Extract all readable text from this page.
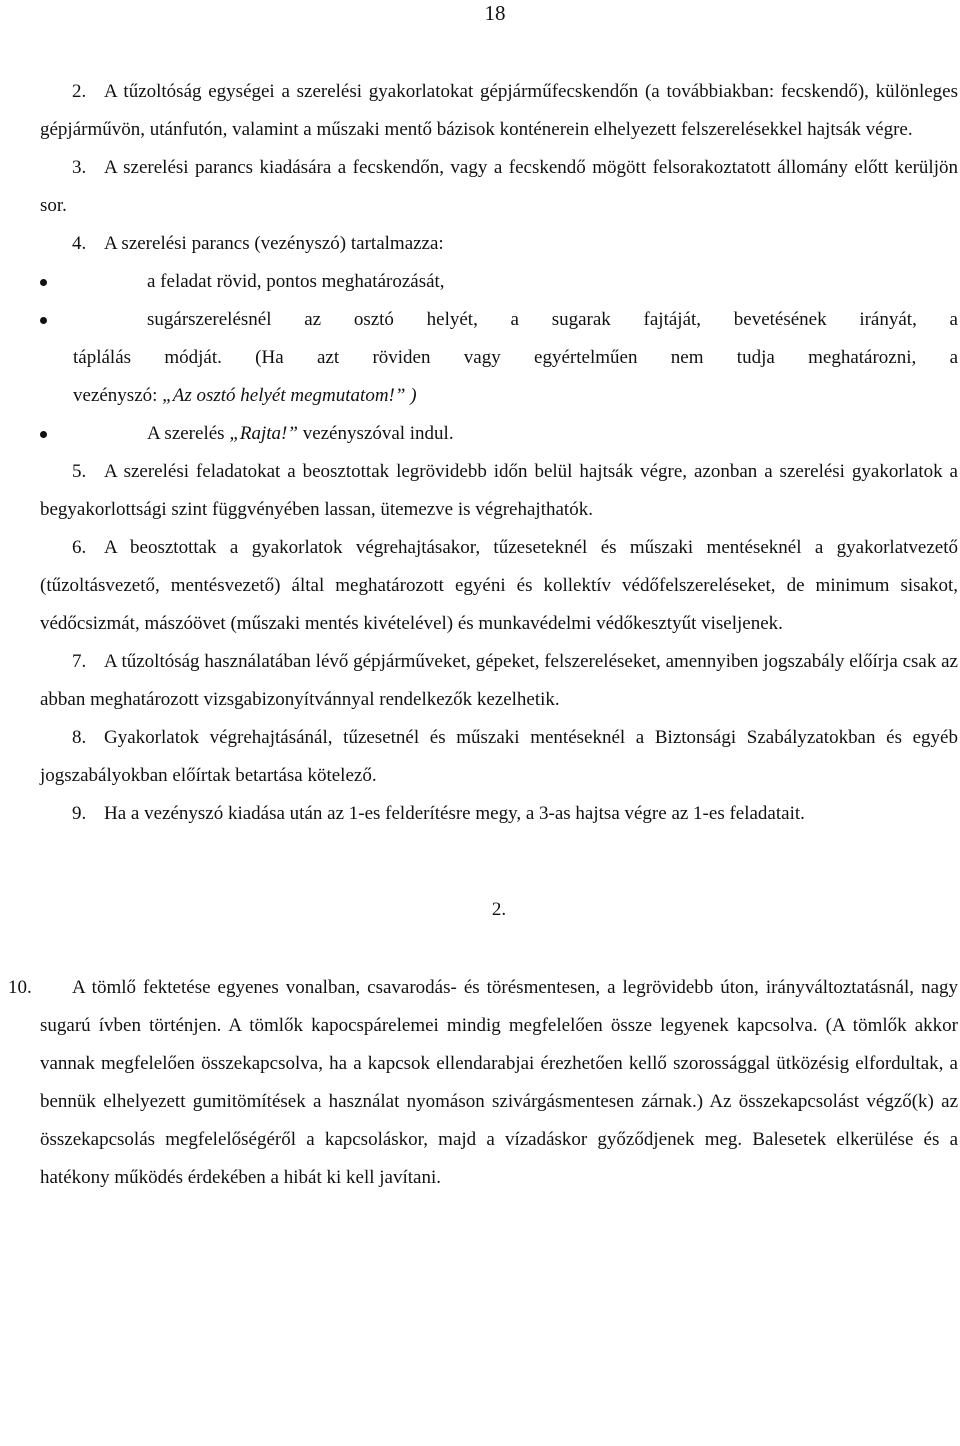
18
2. A tűzoltóság egységei a szerelési gyakorlatokat gépjárműfecskendőn (a továbbiakban: fecskendő), különleges gépjárművön, utánfutón, valamint a műszaki mentő bázisok konténerein elhelyezett felszerelésekkel hajtsák végre.
3. A szerelési parancs kiadására a fecskendőn, vagy a fecskendő mögött felsorakoztatott állomány előtt kerüljön sor.
4. A szerelési parancs (vezényszó) tartalmazza:
a feladat rövid, pontos meghatározását,
sugárszerelésnél az osztó helyét, a sugarak fajtáját, bevetésének irányát, a
táplálás módját. (Ha azt röviden vagy egyértelműen nem tudja meghatározni, a
vezényszó: „Az osztó helyét megmutatom!” )
A szerelés „Rajta!” vezényszóval indul.
5. A szerelési feladatokat a beosztottak legrövidebb időn belül hajtsák végre, azonban a szerelési gyakorlatok a begyakorlottsági szint függvényében lassan, ütemezve is végrehajthatók.
6. A beosztottak a gyakorlatok végrehajtásakor, tűzeseteknél és műszaki mentéseknél a gyakorlatvezető (tűzoltásvezető, mentésvezető) által meghatározott egyéni és kollektív védőfelszereléseket, de minimum sisakot, védőcsizmát, mászóövet (műszaki mentés kivételével) és munkavédelmi védőkesztyűt viseljenek.
7. A tűzoltóság használatában lévő gépjárműveket, gépeket, felszereléseket, amennyiben jogszabály előírja csak az abban meghatározott vizsgabizonyítvánnyal rendelkezők kezelhetik.
8. Gyakorlatok végrehajtásánál, tűzesetnél és műszaki mentéseknél a Biztonsági Szabályzatokban és egyéb jogszabályokban előírtak betartása kötelező.
9. Ha a vezényszó kiadása után az 1-es felderítésre megy, a 3-as hajtsa végre az 1-es feladatait.
2.
10. A tömlő fektetése egyenes vonalban, csavarodás- és törésmentesen, a legrövidebb úton, irányváltoztatásnál, nagy sugarú ívben történjen. A tömlők kapocspárelemei mindig megfelelően össze legyenek kapcsolva. (A tömlők akkor vannak megfelelően összekapcsolva, ha a kapcsok ellendarabjai érezhetően kellő szorossággal ütközésig elfordultak, a bennük elhelyezett gumitömítések a használat nyomáson szivárgásmentesen zárnak.) Az összekapcsolást végző(k) az összekapcsolás megfelelőségéről a kapcsoláskor, majd a vízadáskor győződjenek meg. Balesetek elkerülése és a hatékony működés érdekében a hibát ki kell javítani.
